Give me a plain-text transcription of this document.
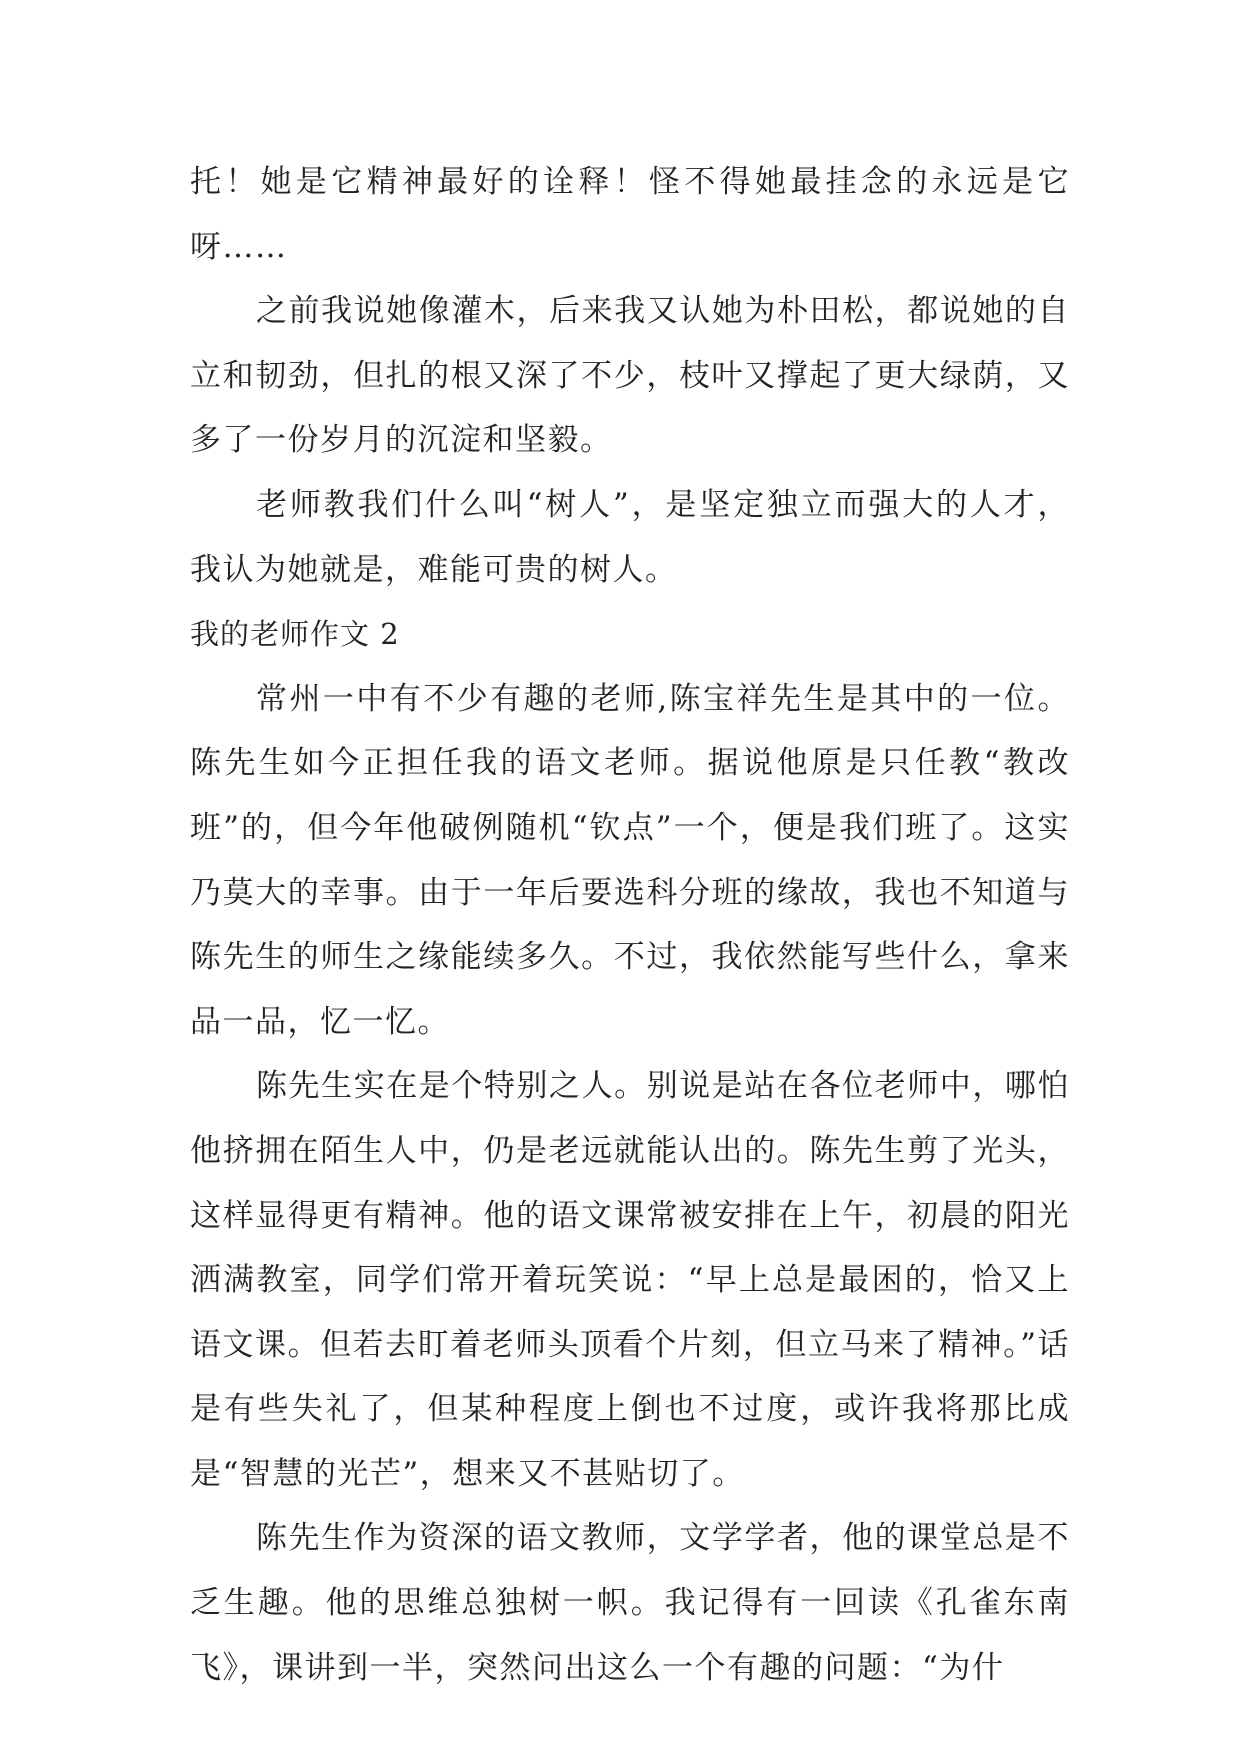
托！她是它精神最好的诠释！怪不得她最挂念的永远是它呀……

之前我说她像灌木，后来我又认她为朴田松，都说她的自立和韧劲，但扎的根又深了不少，枝叶又撑起了更大绿荫，又多了一份岁月的沉淀和坚毅。

老师教我们什么叫“树人”，是坚定独立而强大的人才，我认为她就是，难能可贵的树人。

我的老师作文 2

常州一中有不少有趣的老师,陈宝祥先生是其中的一位。陈先生如今正担任我的语文老师。据说他原是只任教“教改班”的，但今年他破例随机“钦点”一个，便是我们班了。这实乃莫大的幸事。由于一年后要选科分班的缘故，我也不知道与陈先生的师生之缘能续多久。不过，我依然能写些什么，拿来品一品，忆一忆。

陈先生实在是个特别之人。别说是站在各位老师中，哪怕他挤拥在陌生人中，仍是老远就能认出的。陈先生剪了光头，这样显得更有精神。他的语文课常被安排在上午，初晨的阳光洒满教室，同学们常开着玩笑说：“早上总是最困的，恰又上语文课。但若去盯着老师头顶看个片刻，但立马来了精神。”话是有些失礼了，但某种程度上倒也不过度，或许我将那比成是“智慧的光芒”，想来又不甚贴切了。

陈先生作为资深的语文教师，文学学者，他的课堂总是不乏生趣。他的思维总独树一帜。我记得有一回读《孔雀东南飞》，课讲到一半，突然问出这么一个有趣的问题：“为什
